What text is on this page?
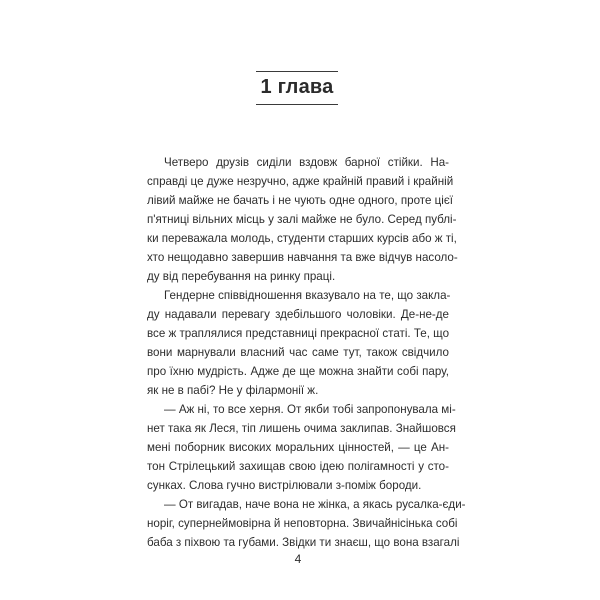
1 глава
Четверо друзів сиділи вздовж барної стійки. На-
справді це дуже незручно, адже крайній правий і крайній
лівий майже не бачать і не чують одне одного, проте цієї
п'ятниці вільних місць у залі майже не було. Серед публі-
ки переважала молодь, студенти старших курсів або ж ті,
хто нещодавно завершив навчання та вже відчув насоло-
ду від перебування на ринку праці.
Гендерне співвідношення вказувало на те, що закла-
ду надавали перевагу здебільшого чоловіки. Де-не-де
все ж траплялися представниці прекрасної статі. Те, що
вони марнували власний час саме тут, також свідчило
про їхню мудрість. Адже де ще можна знайти собі пару,
як не в пабі? Не у філармонії ж.
— Аж ні, то все херня. От якби тобі запропонувала мі-
нет така як Леся, тіп лишень очима заклипав. Знайшовся
мені поборник високих моральних цінностей, — це Ан-
тон Стрілецький захищав свою ідею полігамності у сто-
сунках. Слова гучно вистрілювали з-поміж бороди.
— От вигадав, наче вона не жінка, а якась русалка-єди-
норіг, супернеймовірна й неповторна. Звичайнісінька собі
баба з піхвою та губами. Звідки ти знаєш, що вона взагалі
4
